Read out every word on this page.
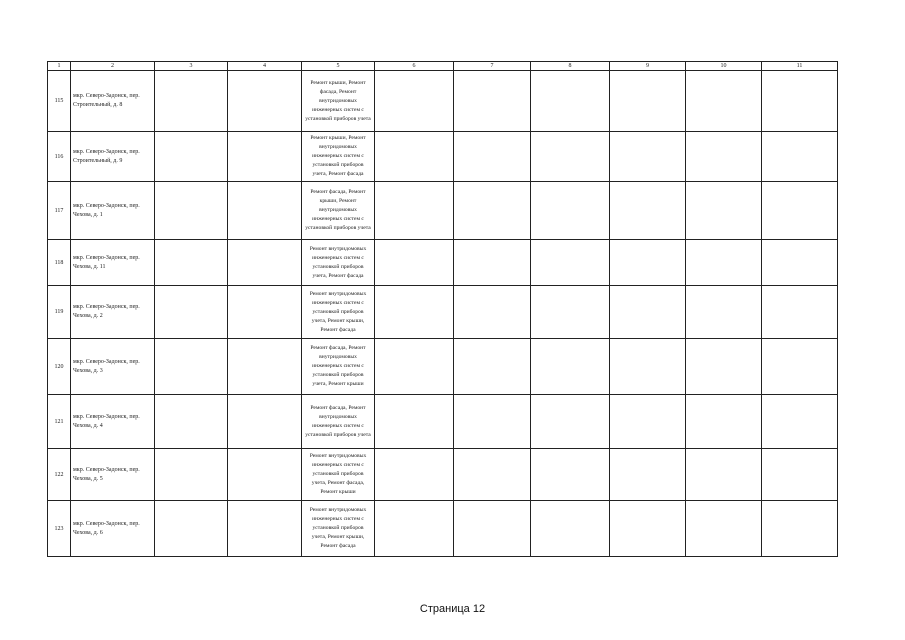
1	2	3	4	5	6	7	8	9	10	11
115	мкр. Северо-Задонск, пер. Строительный, д. 8			Ремонт крыши, Ремонт фасада, Ремонт внутридомовых инженерных систем с установкой приборов учета						
116	мкр. Северо-Задонск, пер. Строительный, д. 9			Ремонт крыши, Ремонт внутридомовых инженерных систем с установкой приборов учета, Ремонт фасада						
117	мкр. Северо-Задонск, пер. Чехова, д. 1			Ремонт фасада, Ремонт крыши, Ремонт внутридомовых инженерных систем с установкой приборов учета						
118	мкр. Северо-Задонск, пер. Чехова, д. 11			Ремонт внутридомовых инженерных систем с установкой приборов учета, Ремонт фасада						
119	мкр. Северо-Задонск, пер. Чехова, д. 2			Ремонт внутридомовых инженерных систем с установкой приборов учета, Ремонт крыши, Ремонт фасада						
120	мкр. Северо-Задонск, пер. Чехова, д. 3			Ремонт фасада, Ремонт внутридомовых инженерных систем с установкой приборов учета, Ремонт крыши						
121	мкр. Северо-Задонск, пер. Чехова, д. 4			Ремонт фасада, Ремонт внутридомовых инженерных систем с установкой приборов учета						
122	мкр. Северо-Задонск, пер. Чехова, д. 5			Ремонт внутридомовых инженерных систем с установкой приборов учета, Ремонт фасада, Ремонт крыши						
123	мкр. Северо-Задонск, пер. Чехова, д. 6			Ремонт внутридомовых инженерных систем с установкой приборов учета, Ремонт крыши, Ремонт фасада						
Страница 12
